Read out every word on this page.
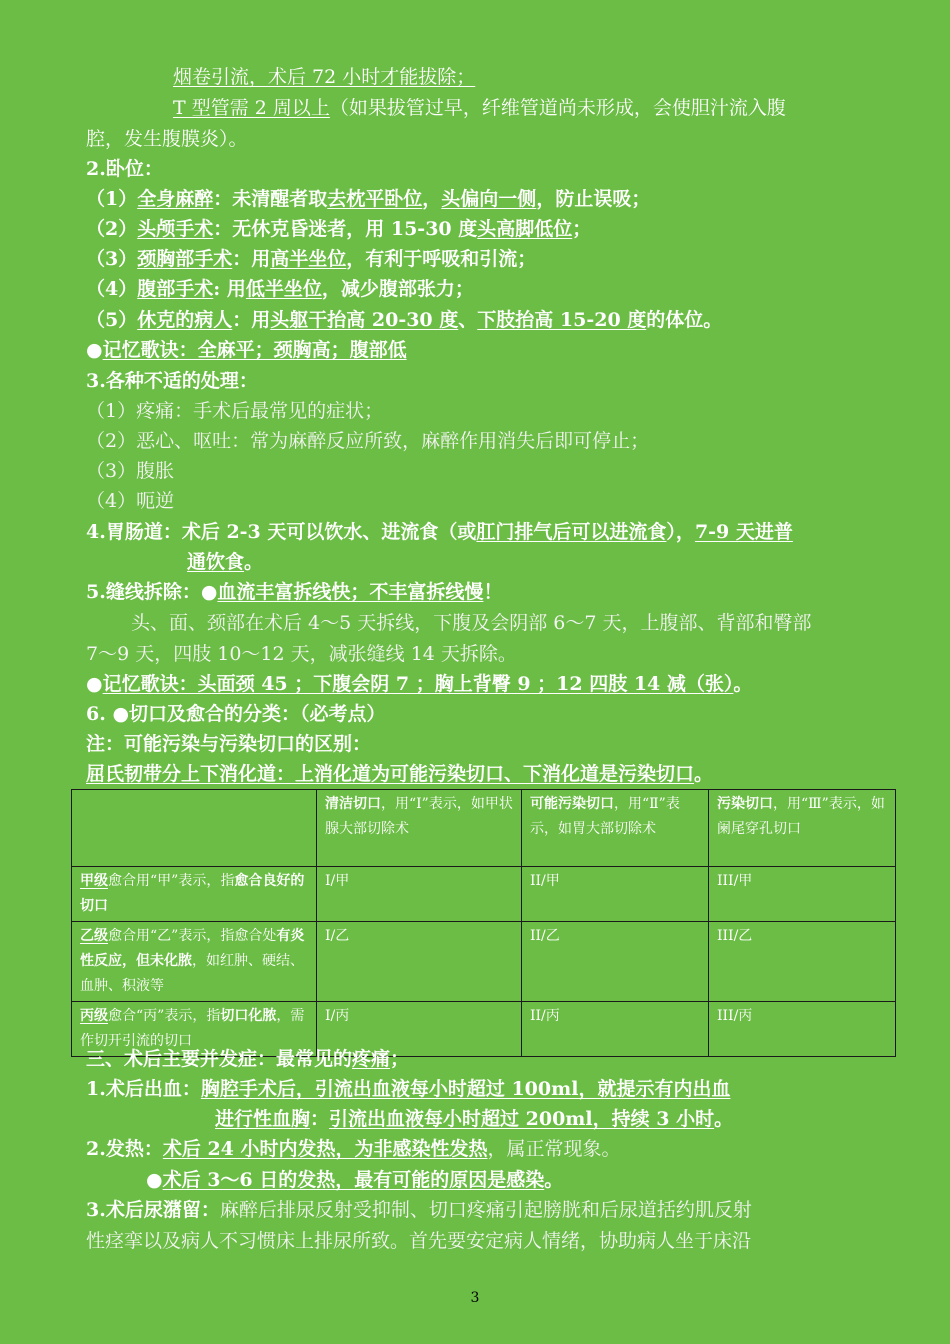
烟卷引流，术后 72 小时才能拔除；
T 型管需 2 周以上（如果拔管过早，纤维管道尚未形成，会使胆汁流入腹
腔，发生腹膜炎）。
2.卧位：
（1）全身麻醉：未清醒者取去枕平卧位，头偏向一侧，防止误吸；
（2）头颅手术：无休克昏迷者，用 15-30 度头高脚低位；
（3）颈胸部手术：用高半坐位，有利于呼吸和引流；
（4）腹部手术: 用低半坐位，减少腹部张力；
（5）休克的病人：用头躯干抬高 20-30 度、下肢抬高 15-20 度的体位。
●记忆歌诀：全麻平；颈胸高；腹部低
3.各种不适的处理：
（1）疼痛：手术后最常见的症状；
（2）恶心、呕吐：常为麻醉反应所致，麻醉作用消失后即可停止；
（3）腹胀
（4）呃逆
4.胃肠道：术后 2-3 天可以饮水、进流食（或肛门排气后可以进流食），7-9 天进普
通饮食。
5.缝线拆除：●血流丰富拆线快；不丰富拆线慢！
头、面、颈部在术后 4～5 天拆线，下腹及会阴部 6～7 天，上腹部、背部和臀部
7～9 天，四肢 10～12 天，减张缝线 14 天拆除。
●记忆歌诀：头面颈 45 ；下腹会阴 7 ；胸上背臀 9 ；12 四肢 14 减（张）。
6. ●切口及愈合的分类：（必考点）
注：可能污染与污染切口的区别：
屈氏韧带分上下消化道：上消化道为可能污染切口、下消化道是污染切口。
	清洁切口，用“Ⅰ”表示，如甲状腺大部切除术	可能污染切口，用“Ⅱ”表示，如胃大部切除术	污染切口，用“Ⅲ”表示，如阑尾穿孔切口
甲级愈合用“甲”表示，指愈合良好的切口	I/甲	II/甲	III/甲
乙级愈合用“乙”表示，指愈合处有炎性反应，但未化脓，如红肿、硬结、血肿、积液等	I/乙	II/乙	III/乙
丙级愈合“丙”表示，指切口化脓，需作切开引流的切口	I/丙	II/丙	III/丙
三、术后主要并发症：最常见的疼痛；
1.术后出血：胸腔手术后，引流出血液每小时超过 100ml，就提示有内出血
进行性血胸：引流出血液每小时超过 200ml，持续 3 小时。
2.发热：术后 24 小时内发热，为非感染性发热，属正常现象。
●术后 3～6 日的发热，最有可能的原因是感染。
3.术后尿潴留：麻醉后排尿反射受抑制、切口疼痛引起膀胱和后尿道括约肌反射
性痉挛以及病人不习惯床上排尿所致。首先要安定病人情绪，协助病人坐于床沿
3
